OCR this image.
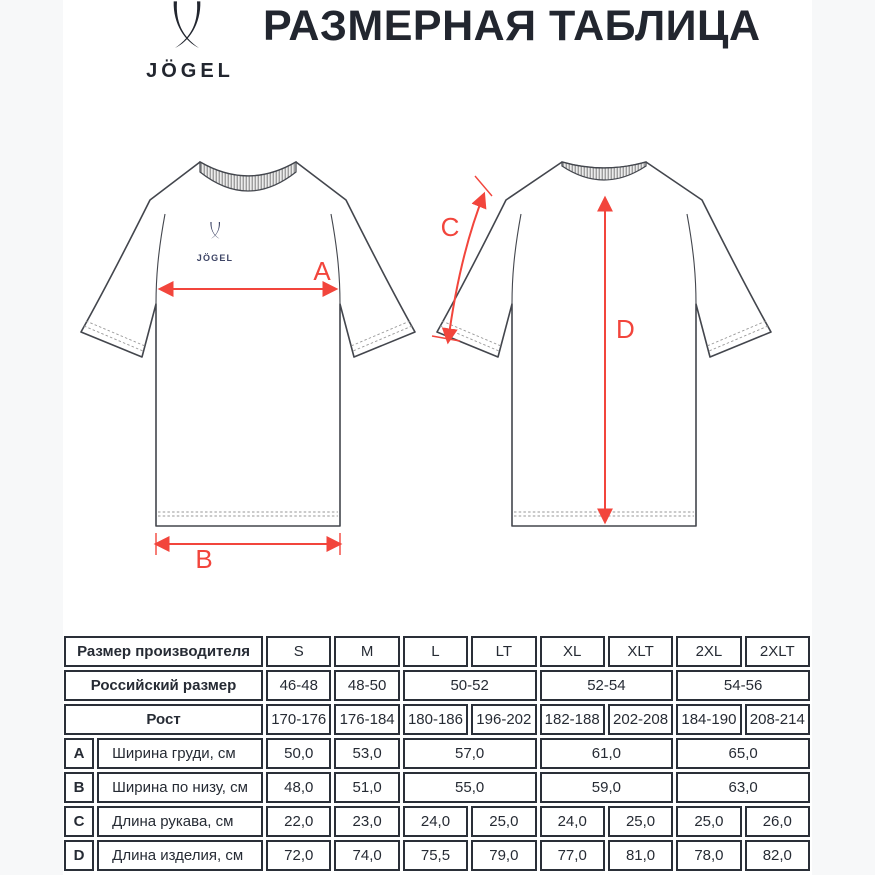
JÖGEL
РАЗМЕРНАЯ ТАБЛИЦА
JÖGEL	A
B
C
D
Размер производителя		S	M	L	LT	XL	XLT	2XL	2XLT
Российский размер		46-48	48-50	50-52		52-54		54-56	
Рост		170-176	176-184	180-186	196-202	182-188	202-208	184-190	208-214
A	Ширина груди, см	50,0	53,0	57,0		61,0		65,0	
B	Ширина по низу, см	48,0	51,0	55,0		59,0		63,0	
C	Длина рукава, см	22,0	23,0	24,0	25,0	24,0	25,0	25,0	26,0
D	Длина изделия, см	72,0	74,0	75,5	79,0	77,0	81,0	78,0	82,0
